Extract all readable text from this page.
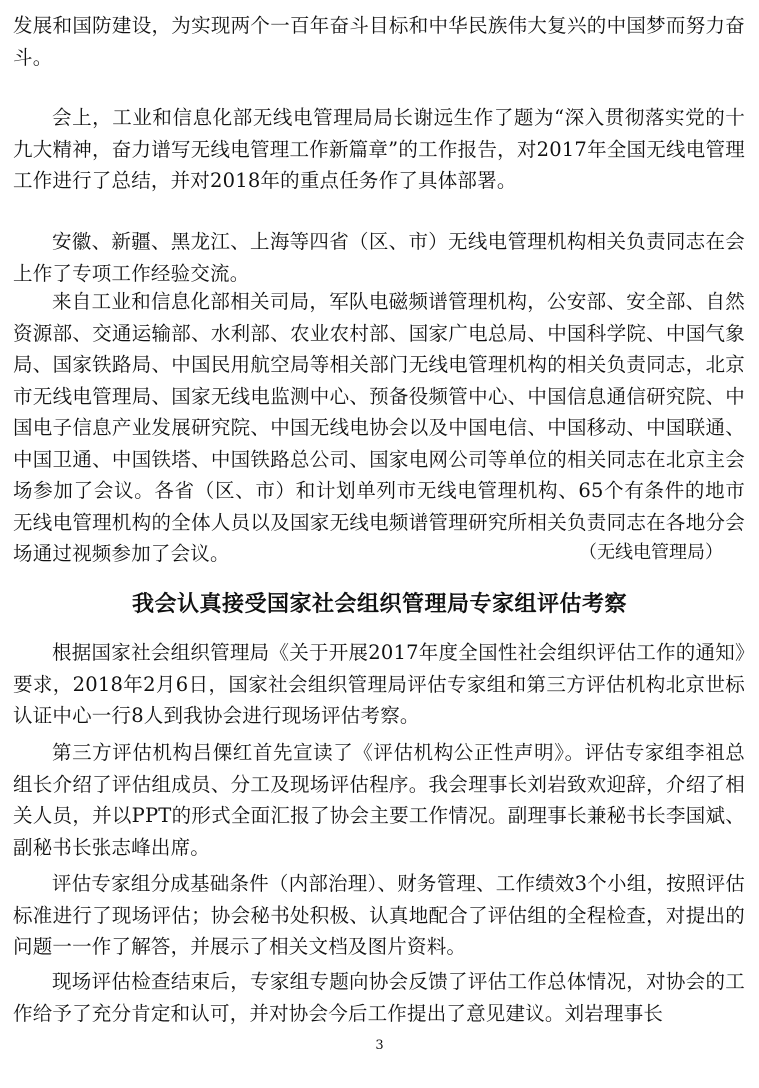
发展和国防建设，为实现两个一百年奋斗目标和中华民族伟大复兴的中国梦而努力奋斗。

会上，工业和信息化部无线电管理局局长谢远生作了题为“深入贯彻落实党的十九大精神，奋力谱写无线电管理工作新篇章”的工作报告，对2017年全国无线电管理工作进行了总结，并对2018年的重点任务作了具体部署。

安徽、新疆、黑龙江、上海等四省（区、市）无线电管理机构相关负责同志在会上作了专项工作经验交流。

来自工业和信息化部相关司局，军队电磁频谱管理机构，公安部、安全部、自然资源部、交通运输部、水利部、农业农村部、国家广电总局、中国科学院、中国气象局、国家铁路局、中国民用航空局等相关部门无线电管理机构的相关负责同志，北京市无线电管理局、国家无线电监测中心、预备役频管中心、中国信息通信研究院、中国电子信息产业发展研究院、中国无线电协会以及中国电信、中国移动、中国联通、中国卫通、中国铁塔、中国铁路总公司、国家电网公司等单位的相关同志在北京主会场参加了会议。各省（区、市）和计划单列市无线电管理机构、65个有条件的地市无线电管理机构的全体人员以及国家无线电频谱管理研究所相关负责同志在各地分会场通过视频参加了会议。	（无线电管理局）

我会认真接受国家社会组织管理局专家组评估考察

根据国家社会组织管理局《关于开展2017年度全国性社会组织评估工作的通知》要求，2018年2月6日，国家社会组织管理局评估专家组和第三方评估机构北京世标认证中心一行8人到我协会进行现场评估考察。

第三方评估机构吕傈红首先宣读了《评估机构公正性声明》。评估专家组李祖总组长介绍了评估组成员、分工及现场评估程序。我会理事长刘岩致欢迎辞，介绍了相关人员，并以PPT的形式全面汇报了协会主要工作情况。副理事长兼秘书长李国斌、副秘书长张志峰出席。

评估专家组分成基础条件（内部治理）、财务管理、工作绩效3个小组，按照评估标准进行了现场评估；协会秘书处积极、认真地配合了评估组的全程检查，对提出的问题一一作了解答，并展示了相关文档及图片资料。

现场评估检查结束后，专家组专题向协会反馈了评估工作总体情况，对协会的工作给予了充分肯定和认可，并对协会今后工作提出了意见建议。刘岩理事长

3
